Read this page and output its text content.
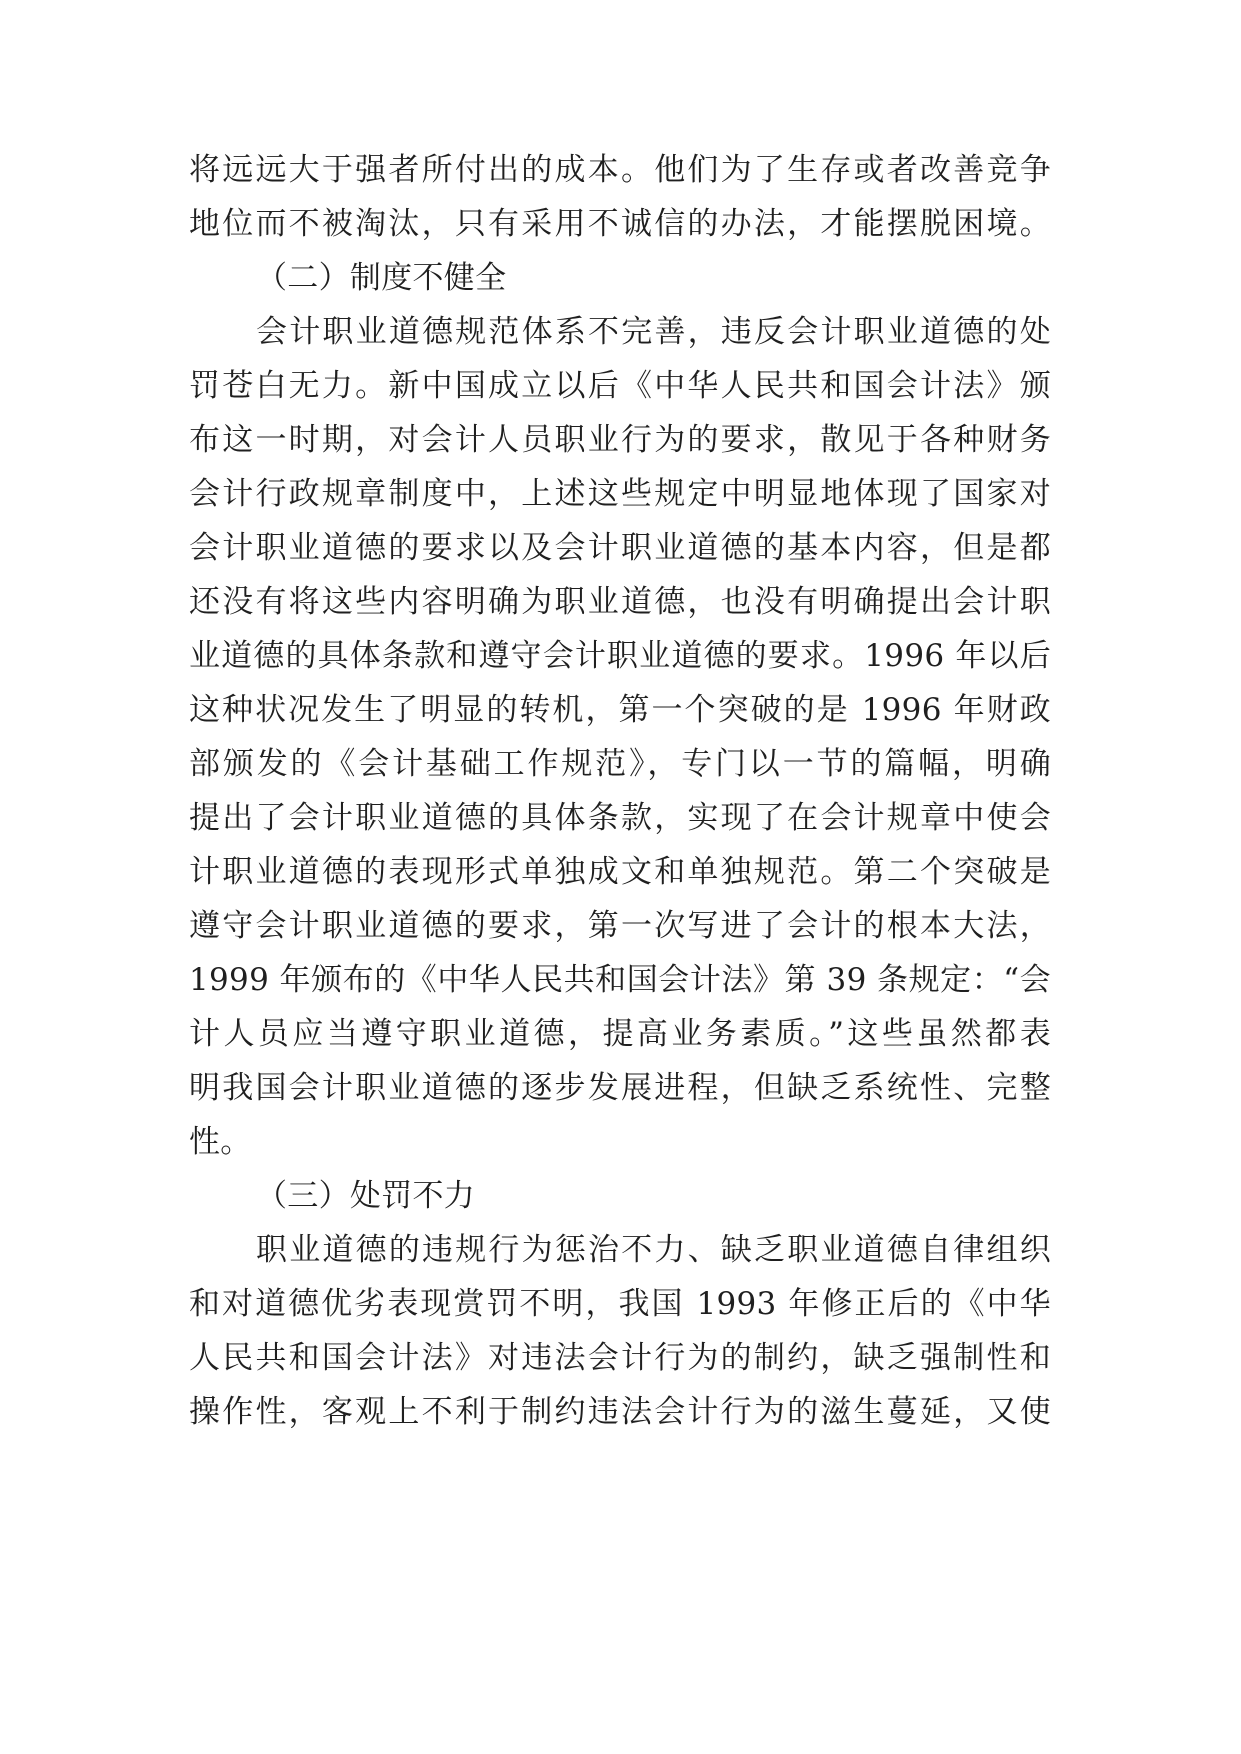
将远远大于强者所付出的成本。他们为了生存或者改善竞争
地位而不被淘汰，只有采用不诚信的办法，才能摆脱困境。
（二）制度不健全
会计职业道德规范体系不完善，违反会计职业道德的处
罚苍白无力。新中国成立以后《中华人民共和国会计法》颁
布这一时期，对会计人员职业行为的要求，散见于各种财务
会计行政规章制度中，上述这些规定中明显地体现了国家对
会计职业道德的要求以及会计职业道德的基本内容，但是都
还没有将这些内容明确为职业道德，也没有明确提出会计职
业道德的具体条款和遵守会计职业道德的要求。1996 年以后
这种状况发生了明显的转机，第一个突破的是 1996 年财政
部颁发的《会计基础工作规范》，专门以一节的篇幅，明确
提出了会计职业道德的具体条款，实现了在会计规章中使会
计职业道德的表现形式单独成文和单独规范。第二个突破是
遵守会计职业道德的要求，第一次写进了会计的根本大法，
1999 年颁布的《中华人民共和国会计法》第 39 条规定：“会
计人员应当遵守职业道德，提高业务素质。”这些虽然都表
明我国会计职业道德的逐步发展进程，但缺乏系统性、完整
性。
（三）处罚不力
职业道德的违规行为惩治不力、缺乏职业道德自律组织
和对道德优劣表现赏罚不明，我国 1993 年修正后的《中华
人民共和国会计法》对违法会计行为的制约，缺乏强制性和
操作性，客观上不利于制约违法会计行为的滋生蔓延，又使
